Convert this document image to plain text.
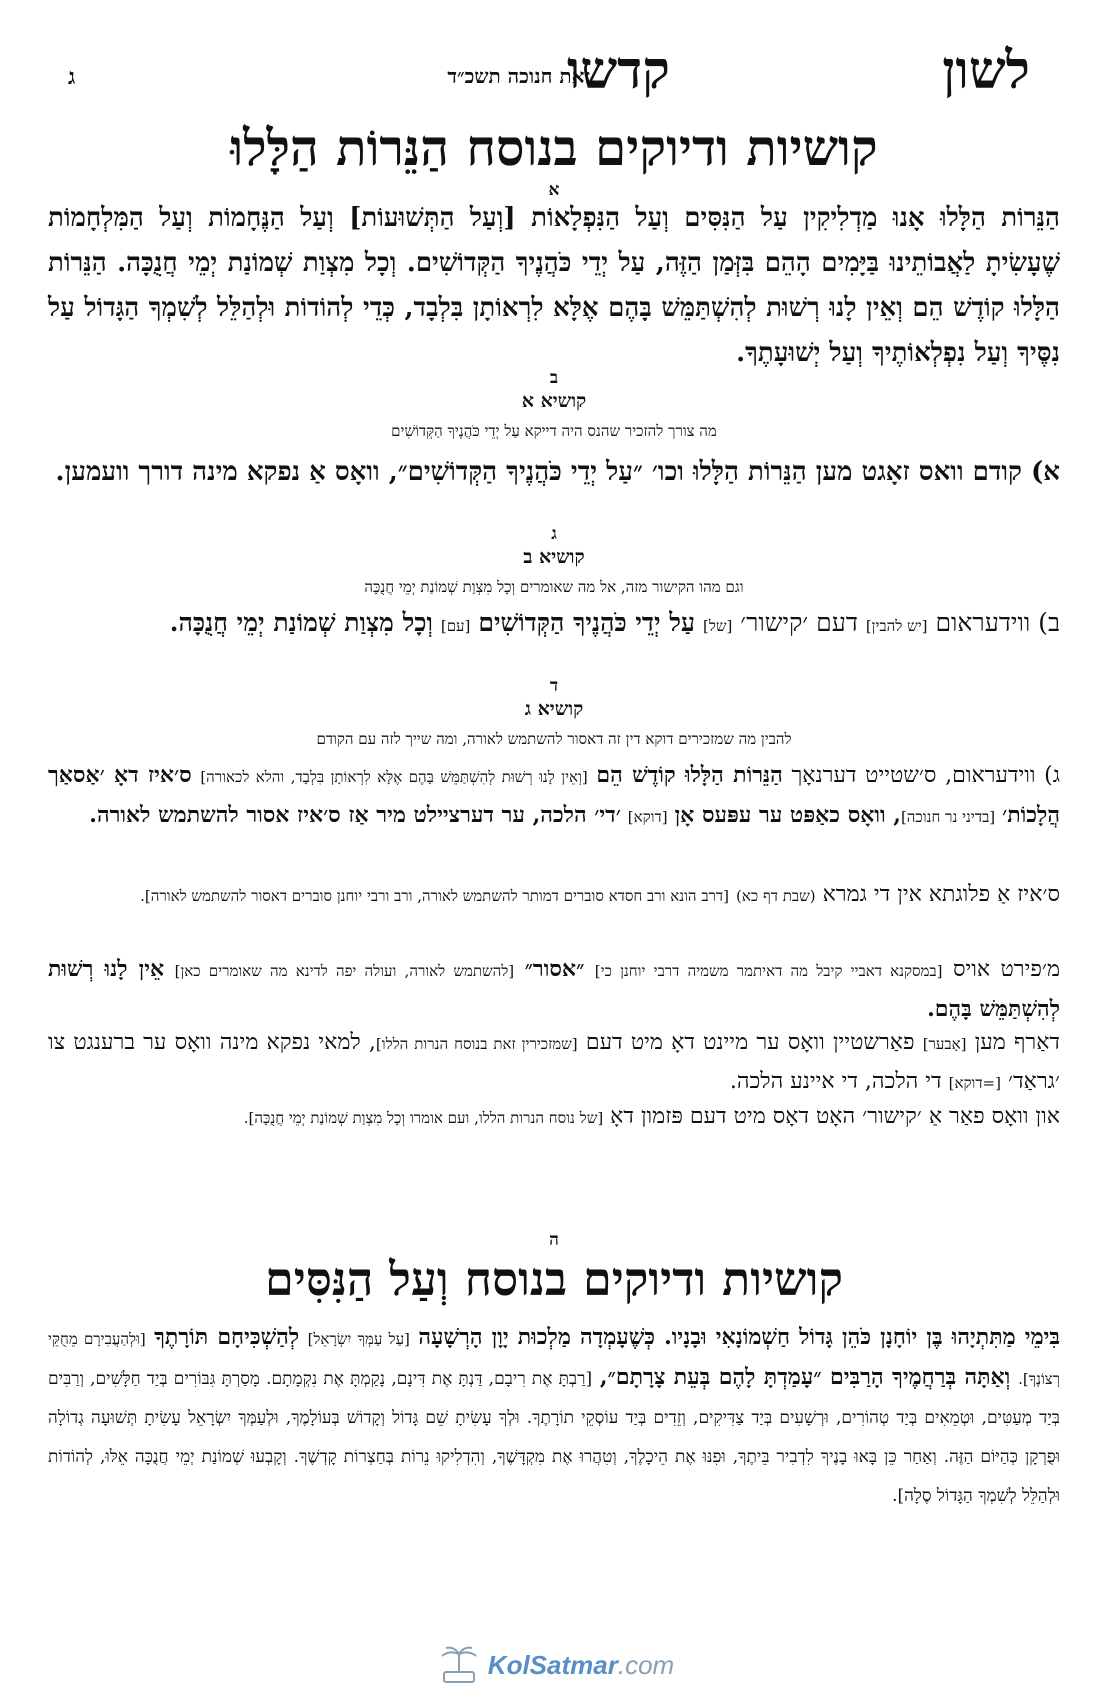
לשון
קדשו
זאת חנוכה תשכ״ד
ג
קושיות ודיוקים בנוסח הַנֵּרוֹת הַלָּלוּ
א
הַנֵּרוֹת הַלָּלוּ אָנוּ מַדְלִיקִין עַל הַנִּסִּים וְעַל הַנִּפְלָאוֹת [וְעַל הַתְּשׁוּעוֹת] וְעַל הַנֶּחָמוֹת וְעַל הַמִּלְחָמוֹת שֶׁעָשִׂיתָ לַאֲבוֹתֵינוּ בַּיָּמִים הָהֵם בִּזְּמַן הַזֶּה, עַל יְדֵי כֹּהֲנֶיךָ הַקְּדוֹשִׁים. וְכָל מִצְוַת שְׁמוֹנַת יְמֵי חֲנֻכָּה. הַנֵּרוֹת הַלָּלוּ קוֹדֶשׁ הֵם וְאֵין לָנוּ רְשׁוּת לְהִשְׁתַּמֵּשׁ בָּהֶם אֶלָּא לִרְאוֹתָן בִּלְבָד, כְּדֵי לְהוֹדוֹת וּלְהַלֵּל לְשִׁמְךָ הַגָּדוֹל עַל נִסֶּיךָ וְעַל נִפְלְאוֹתֶיךָ וְעַל יְשׁוּעָתֶךָ.
ב
קושיא א
מה צורך להזכיר שהנס היה דייקא עַל יְדֵי כֹּהֲנֶיךָ הַקְּדוֹשִׁים
א) קודם וואס זאָגט מען הַנֵּרוֹת הַלָּלוּ וכו׳ ״עַל יְדֵי כֹּהֲנֶיךָ הַקְּדוֹשִׁים״, וואָס אַ נפקא מינה דורך וועמען.
ג
קושיא ב
וגם מהו הקישור מזה, אל מה שאומרים וְכָל מִצְוַת שְׁמוֹנַת יְמֵי חֲנֻכָּה
ב) ווידעראום [יש להבין] דעם ׳קישור׳ [של] עַל יְדֵי כֹּהֲנֶיךָ הַקְּדוֹשִׁים [עם] וְכָל מִצְוַת שְׁמוֹנַת יְמֵי חֲנֻכָּה.
ד
קושיא ג
להבין מה שמזכירים דוקא דין זה דאסור להשתמש לאורה, ומה שייך לזה עם הקודם
ג) ווידעראום, ס׳שטייט דערנאָך הַנֵּרוֹת הַלָּלוּ קוֹדֶשׁ הֵם [וְאֵין לָנוּ רְשׁוּת לְהִשְׁתַּמֵּשׁ בָּהֶם אֶלָּא לִרְאוֹתָן בִּלְבָד, והלא לכאורה] ס׳איז דאָ ׳אַסאַך הֲלָכוֹת׳ [בדיני נר חנוכה], וואָס כאַפּט ער עפּעס אָן [דוקא] ׳די׳ הלכה, ער דערציילט מיר אַז ס׳איז אסור להשתמש לאורה.
ס׳איז אַ פלוגתא אין די גמרא (שבת דף כא) [דרב הונא ורב חסדא סוברים דמותר להשתמש לאורה, ורב ורבי יוחנן סוברים דאסור להשתמש לאורה].
מ׳פירט אויס [במסקנא דאביי קיבל מה דאיתמר משמיה דרבי יוחנן כי] ״אסור״ [להשתמש לאורה, ועולה יפה לדינא מה שאומרים כאן] אֵין לָנוּ רְשׁוּת לְהִשְׁתַּמֵּשׁ בָּהֶם.
דאַרף מען [אָבער] פאַרשטיין וואָס ער מיינט דאָ מיט דעם [שמזכירין זאת בנוסח הנרות הללו], למאי נפקא מינה וואָס ער ברענגט צו ׳גראַד׳ [=דוקא] די הלכה, די איינע הלכה.
און וואָס פאַר אַ ׳קישור׳ האָט דאָס מיט דעם פּזמון דאָ [של נוסח הנרות הללו, ועם אומרו וְכָל מִצְוַת שְׁמוֹנַת יְמֵי חֲנֻכָּה].
ה
קושיות ודיוקים בנוסח וְעַל הַנִּסִּים
בִּימֵי מַתִּתְיָהוּ בֶּן יוֹחָנָן כֹּהֵן גָּדוֹל חַשְׁמוֹנָאִי וּבָנָיו. כְּשֶׁעָמְדָה מַלְכוּת יָוָן הָרְשָׁעָה [עַל עַמְּךָ יִשְׂרָאֵל] לְהַשְׁכִּיחָם תּוֹרָתֶךָ [וּלְהַעֲבִירָם מֵחֻקֵּי רְצוֹנֶךָ]. וְאַתָּה בְּרַחֲמֶיךָ הָרַבִּים ״עָמַדְתָּ לָהֶם בְּעֵת צָרָתָם״, [רַבְתָּ אֶת רִיבָם, דַּנְתָּ אֶת דִּינָם, נָקַמְתָּ אֶת נִקְמָתָם. מָסַרְתָּ גִּבּוֹרִים בְּיַד חַלָּשִׁים, וְרַבִּים בְּיַד מְעַטִּים, וּטְמֵאִים בְּיַד טְהוֹרִים, וּרְשָׁעִים בְּיַד צַדִּיקִים, וְזֵדִים בְּיַד עוֹסְקֵי תוֹרָתֶךָ. וּלְךָ עָשִׂיתָ שֵׁם גָּדוֹל וְקָדוֹשׁ בְּעוֹלָמֶךָ, וּלְעַמְּךָ יִשְׂרָאֵל עָשִׂיתָ תְּשׁוּעָה גְדוֹלָה וּפֻרְקָן כְּהַיּוֹם הַזֶּה. וְאַחַר כֵּן בָּאוּ בָנֶיךָ לִדְבִיר בֵּיתֶךָ, וּפִנּוּ אֶת הֵיכָלֶךָ, וְטִהֲרוּ אֶת מִקְדָּשֶׁךָ, וְהִדְלִיקוּ נֵרוֹת בְּחַצְרוֹת קָדְשֶׁךָ. וְקָבְעוּ שְׁמוֹנַת יְמֵי חֲנֻכָּה אֵלּוּ, לְהוֹדוֹת וּלְהַלֵּל לְשִׁמְךָ הַגָּדוֹל סֶלָה].
KolSatmar.com
